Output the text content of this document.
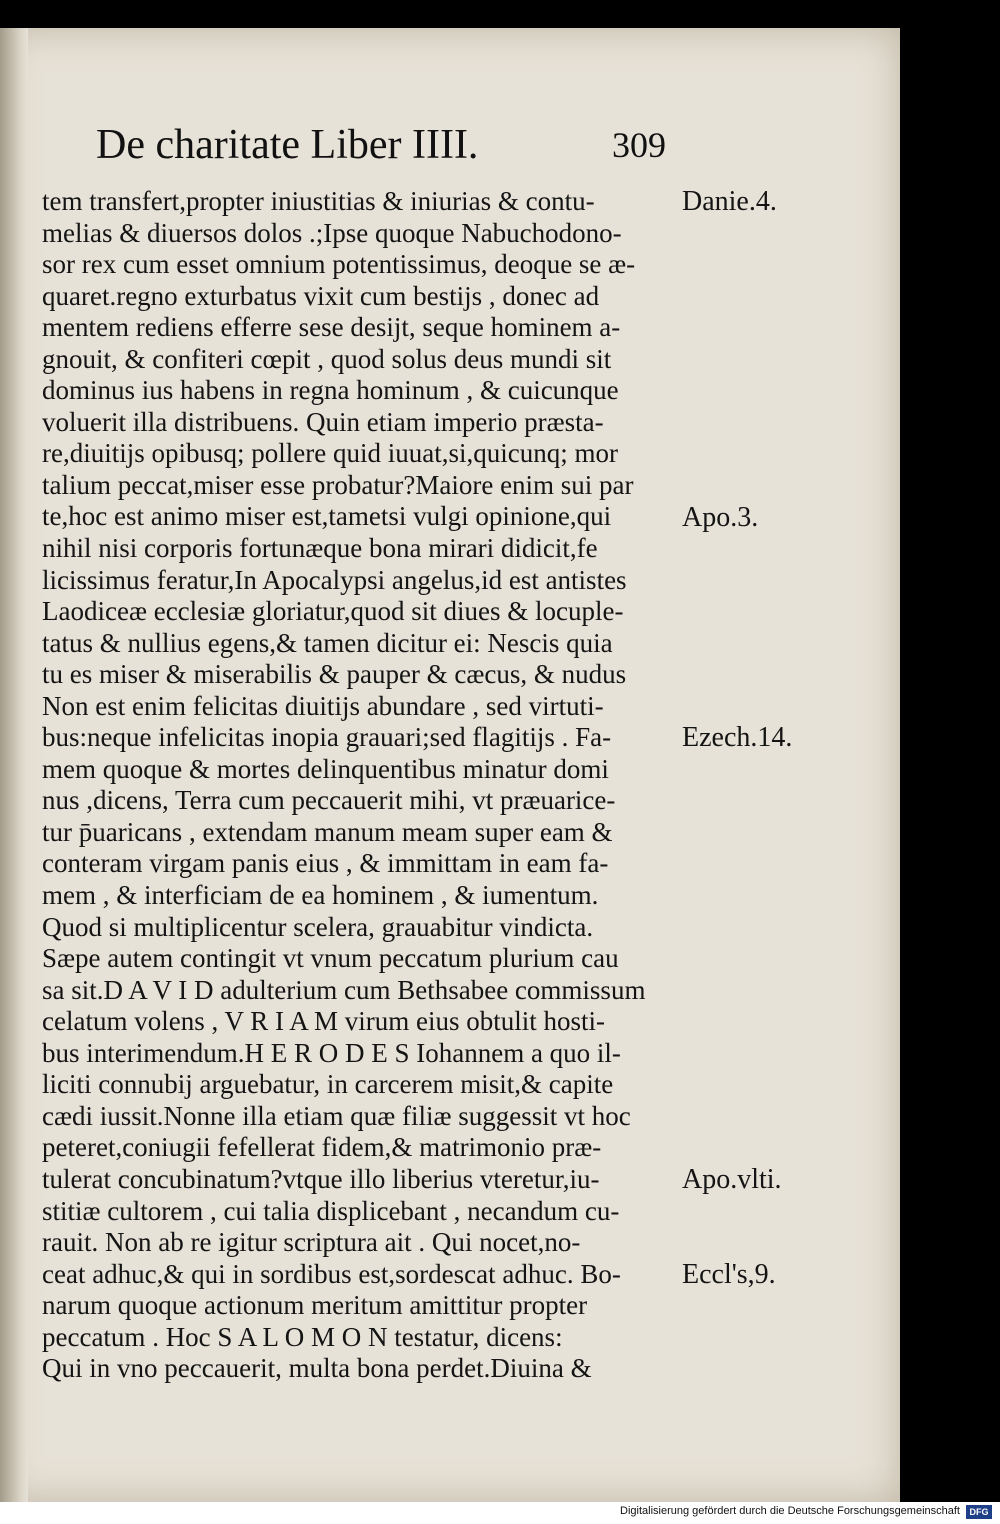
De charitate Liber IIII.	309
tem transfert,propter iniustitias & iniurias & contu-
melias & diuersos dolos .;Ipse quoque Nabuchodono-
sor rex cum esset omnium potentissimus, deoque se æ-
quaret.regno exturbatus vixit cum bestijs , donec ad
mentem rediens efferre sese desijt, seque hominem a-
gnouit, & confiteri cœpit , quod solus deus mundi sit
dominus ius habens in regna hominum , & cuicunque
voluerit illa distribuens. Quin etiam imperio præsta-
re,diuitijs opibusq; pollere quid iuuat,si,quicunq; mor
talium peccat,miser esse probatur?Maiore enim sui par
te,hoc est animo miser est,tametsi vulgi opinione,qui
nihil nisi corporis fortunæque bona mirari didicit,fe
licissimus feratur,In Apocalypsi angelus,id est antistes
Laodiceæ ecclesiæ gloriatur,quod sit diues & locuple-
tatus & nullius egens,& tamen dicitur ei: Nescis quia
tu es miser & miserabilis & pauper & cæcus, & nudus
Non est enim felicitas diuitijs abundare , sed virtuti-
bus:neque infelicitas inopia grauari;sed flagitijs . Fa-
mem quoque & mortes delinquentibus minatur domi
nus ,dicens, Terra cum peccauerit mihi, vt præuarice-
tur p̄uaricans , extendam manum meam super eam &
conteram virgam panis eius , & immittam in eam fa-
mem , & interficiam de ea hominem , & iumentum.
Quod si multiplicentur scelera, grauabitur vindicta.
Sæpe autem contingit vt vnum peccatum plurium cau
sa sit.D A V I D adulterium cum Bethsabee commissum
celatum volens , V R I A M virum eius obtulit hosti-
bus interimendum.H E R O D E S Iohannem a quo il-
liciti connubij arguebatur, in carcerem misit,& capite
cædi iussit.Nonne illa etiam quæ filiæ suggessit vt hoc
peteret,coniugii fefellerat fidem,& matrimonio præ-
tulerat concubinatum?vtque illo liberius vteretur,iu-
stitiæ cultorem , cui talia displicebant , necandum cu-
rauit. Non ab re igitur scriptura ait . Qui nocet,no-
ceat adhuc,& qui in sordibus est,sordescat adhuc. Bo-
narum quoque actionum meritum amittitur propter
peccatum . Hoc S A L O M O N testatur, dicens:
Qui in vno peccauerit, multa bona perdet.Diuina &
Danie.4.
Apo.3.
Ezech.14.
Apo.vlti.
Eccl's,9.
Digitalisierung gefördert durch die Deutsche Forschungsgemeinschaft	DFG
